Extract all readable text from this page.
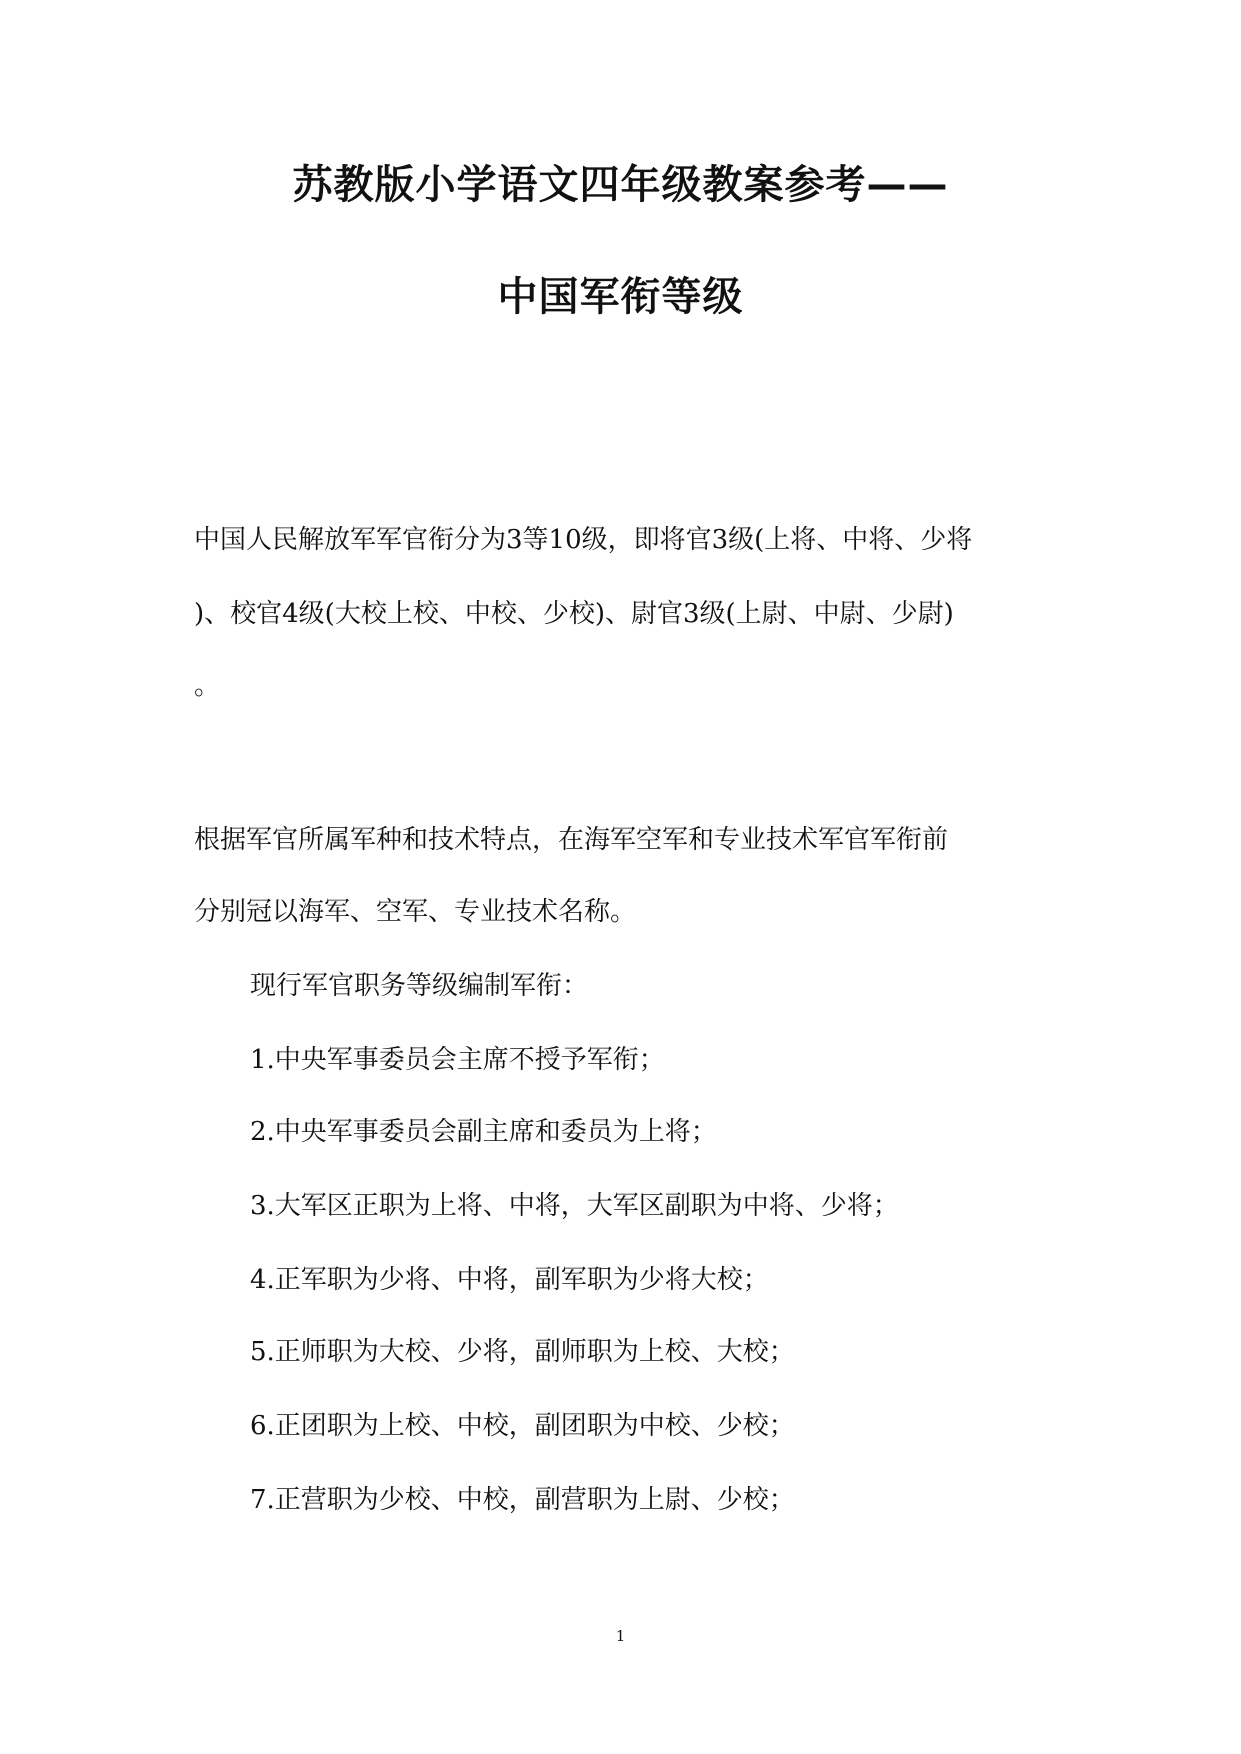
苏教版小学语文四年级教案参考——
中国军衔等级
中国人民解放军军官衔分为3等10级，即将官3级(上将、中将、少将
)、校官4级(大校上校、中校、少校)、尉官3级(上尉、中尉、少尉)
。
根据军官所属军种和技术特点，在海军空军和专业技术军官军衔前
分别冠以海军、空军、专业技术名称。
现行军官职务等级编制军衔：
1.中央军事委员会主席不授予军衔；
2.中央军事委员会副主席和委员为上将；
3.大军区正职为上将、中将，大军区副职为中将、少将；
4.正军职为少将、中将，副军职为少将大校；
5.正师职为大校、少将，副师职为上校、大校；
6.正团职为上校、中校，副团职为中校、少校；
7.正营职为少校、中校，副营职为上尉、少校；
1
